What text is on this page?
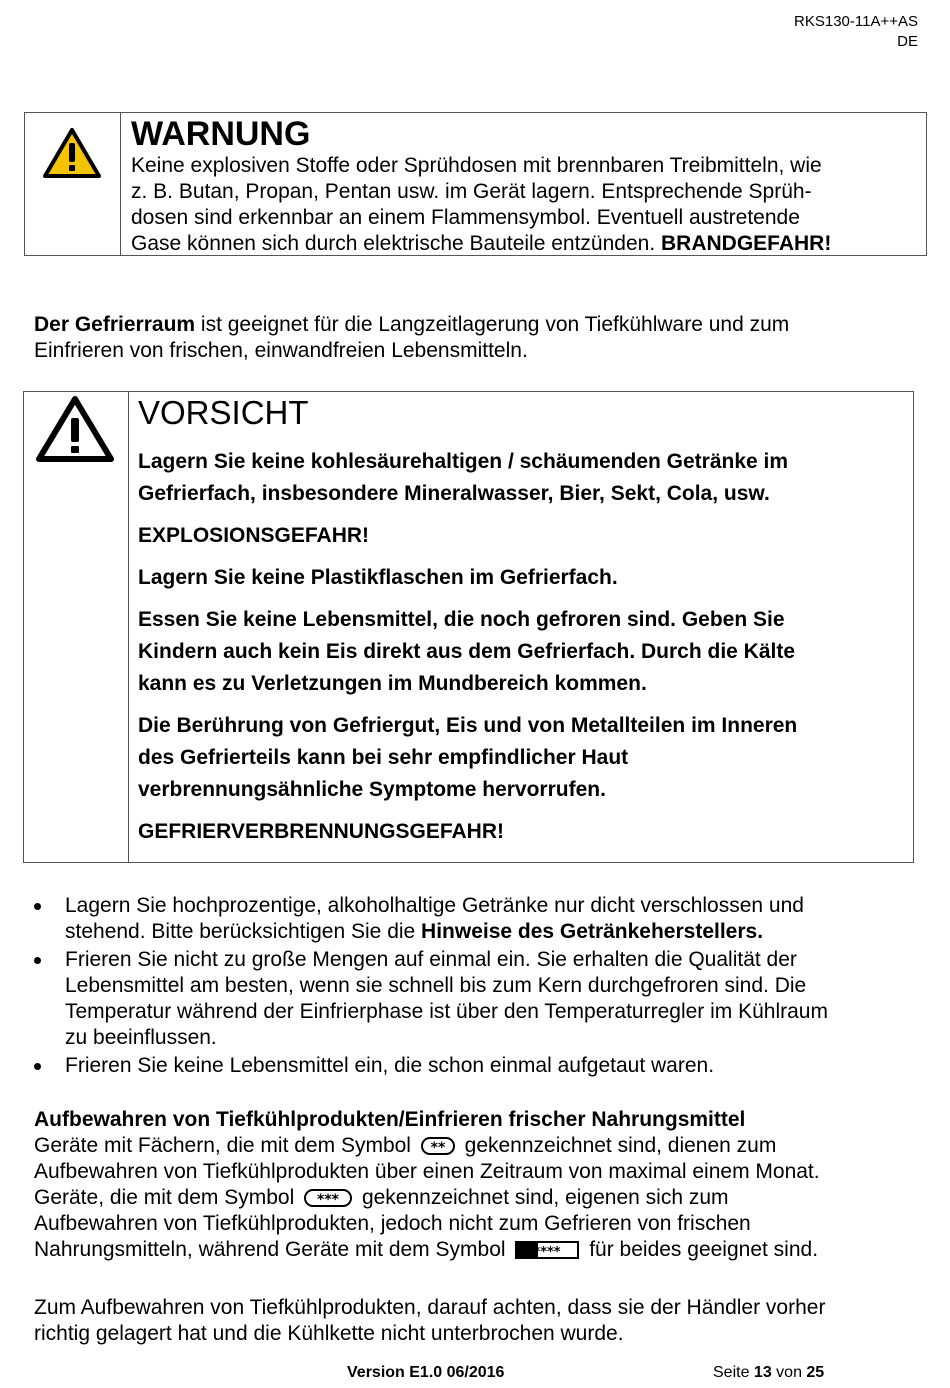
RKS130-11A++AS
DE
WARNUNG
Keine explosiven Stoffe oder Sprühdosen mit brennbaren Treibmitteln, wie
z. B. Butan, Propan, Pentan usw. im Gerät lagern. Entsprechende Sprüh-
dosen sind erkennbar an einem Flammensymbol. Eventuell austretende
Gase können sich durch elektrische Bauteile entzünden. BRANDGEFAHR!
Der Gefrierraum ist geeignet für die Langzeitlagerung von Tiefkühlware und zum
Einfrieren von frischen, einwandfreien Lebensmitteln.
VORSICHT
Lagern Sie keine kohlesäurehaltigen / schäumenden Getränke im
Gefrierfach, insbesondere Mineralwasser, Bier, Sekt, Cola, usw.
EXPLOSIONSGEFAHR!
Lagern Sie keine Plastikflaschen im Gefrierfach.
Essen Sie keine Lebensmittel, die noch gefroren sind. Geben Sie
Kindern auch kein Eis direkt aus dem Gefrierfach. Durch die Kälte
kann es zu Verletzungen im Mundbereich kommen.
Die Berührung von Gefriergut, Eis und von Metallteilen im Inneren
des Gefrierteils kann bei sehr empfindlicher Haut
verbrennungsähnliche Symptome hervorrufen.
GEFRIERVERBRENNUNGSGEFAHR!
Lagern Sie hochprozentige, alkoholhaltige Getränke nur dicht verschlossen und
stehend. Bitte berücksichtigen Sie die Hinweise des Getränkeherstellers.
Frieren Sie nicht zu große Mengen auf einmal ein. Sie erhalten die Qualität der
Lebensmittel am besten, wenn sie schnell bis zum Kern durchgefroren sind. Die
Temperatur während der Einfrierphase ist über den Temperaturregler im Kühlraum
zu beeinflussen.
Frieren Sie keine Lebensmittel ein, die schon einmal aufgetaut waren.
Aufbewahren von Tiefkühlprodukten/Einfrieren frischer Nahrungsmittel
Geräte mit Fächern, die mit dem Symbol ** gekennzeichnet sind, dienen zum
Aufbewahren von Tiefkühlprodukten über einen Zeitraum von maximal einem Monat.
Geräte, die mit dem Symbol *** gekennzeichnet sind, eigenen sich zum
Aufbewahren von Tiefkühlprodukten, jedoch nicht zum Gefrieren von frischen
Nahrungsmitteln, während Geräte mit dem Symbol **** für beides geeignet sind.
Zum Aufbewahren von Tiefkühlprodukten, darauf achten, dass sie der Händler vorher
richtig gelagert hat und die Kühlkette nicht unterbrochen wurde.
Version E1.0 06/2016	Seite 13 von 25
